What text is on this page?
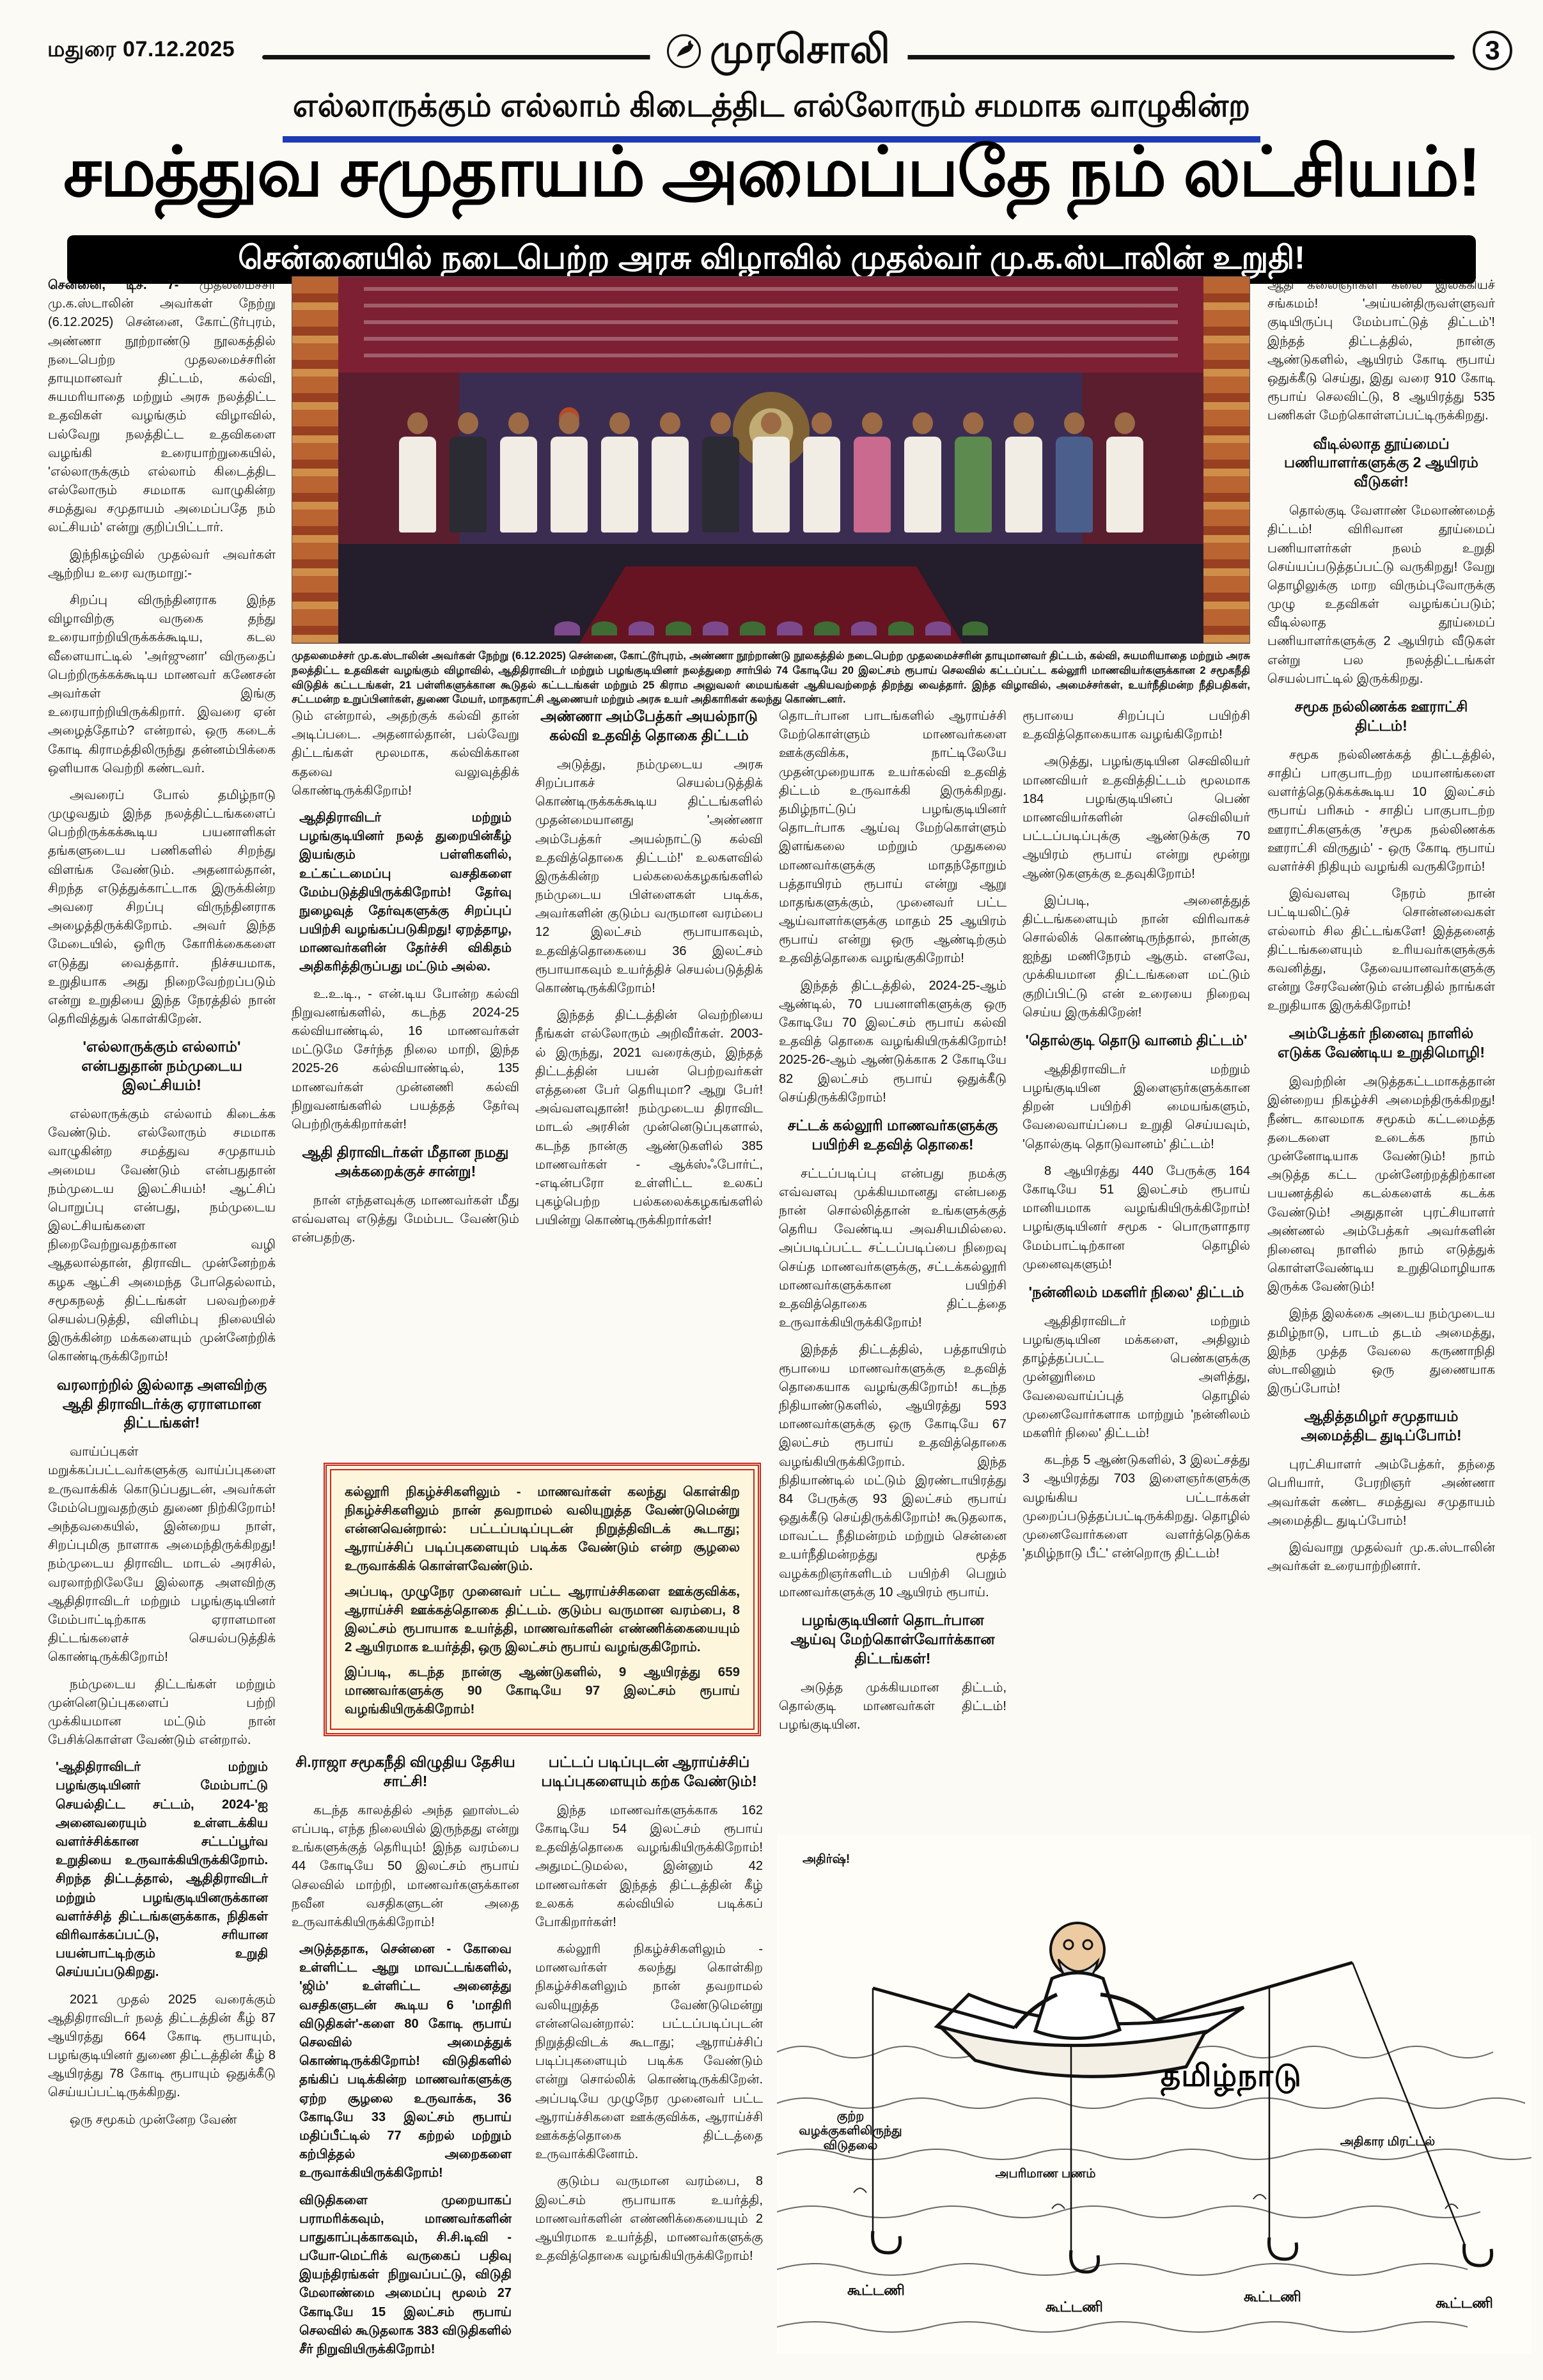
மதுரை 07.12.2025	முரசொலி	3
எல்லாருக்கும் எல்லாம் கிடைத்திட எல்லோரும் சமமாக வாழுகின்ற
சமத்துவ சமுதாயம் அமைப்பதே நம் லட்சியம்!
சென்னையில் நடைபெற்ற அரசு விழாவில் முதல்வர் மு.க.ஸ்டாலின் உறுதி!
முதலமைச்சர் மு.க.ஸ்டாலின் அவர்கள் நேற்று (6.12.2025) சென்னை, கோட்டூர்புரம், அண்ணா நூற்றாண்டு நூலகத்தில் நடைபெற்ற முதலமைச்சரின் தாயுமானவர் திட்டம், கல்வி, சுயமரியாதை மற்றும் அரசு நலத்திட்ட உதவிகள் வழங்கும் விழாவில், ஆதிதிராவிடர் மற்றும் பழங்குடியினர் நலத்துறை சார்பில் 74 கோடியே 20 இலட்சம் ரூபாய் செலவில் கட்டப்பட்ட கல்லூரி மாணவியர்களுக்கான 2 சமூகநீதி விடுதிக் கட்டடங்கள், 21 பள்ளிகளுக்கான கூடுதல் கட்டடங்கள் மற்றும் 25 கிராம அலுவலர் மையங்கள் ஆகியவற்றைத் திறந்து வைத்தார். இந்த விழாவில், அமைச்சர்கள், உயர்நீதிமன்ற நீதிபதிகள், சட்டமன்ற உறுப்பினர்கள், துணை மேயர், மாநகராட்சி ஆணையர் மற்றும் அரசு உயர் அதிகாரிகள் கலந்து கொண்டனர்.

சென்னை, டிச. 7- முதலமைச்சர் மு.க.ஸ்டாலின் அவர்கள் நேற்று (6.12.2025) சென்னை, கோட்டூர்புரம், அண்ணா நூற்றாண்டு நூலகத்தில் நடைபெற்ற முதலமைச்சரின் தாயுமானவர் திட்டம், கல்வி, சுயமரியாதை மற்றும் அரசு நலத்திட்ட உதவிகள் வழங்கும் விழாவில், பல்வேறு நலத்திட்ட உதவிகளை வழங்கி உரையாற்றுகையில், 'எல்லாருக்கும் எல்லாம் கிடைத்திட எல்லோரும் சமமாக வாழுகின்ற சமத்துவ சமுதாயம் அமைப்பதே நம் லட்சியம்' என்று குறிப்பிட்டார்.

இந்நிகழ்வில் முதல்வர் அவர்கள் ஆற்றிய உரை வருமாறு:-

சிறப்பு விருந்தினராக இந்த விழாவிற்கு வருகை தந்து உரையாற்றியிருக்கக்கூடிய, கடல வீளையாட்டில் 'அர்ஜுனா' விருதைப் பெற்றிருக்கக்கூடிய மாணவர் கணேசன் அவர்கள் இங்கு உரையாற்றியிருக்கிறார். இவரை ஏன் அழைத்தோம்? என்றால், ஒரு கடைக் கோடி கிராமத்திலிருந்து தன்னம்பிக்கை ஒளியாக வெற்றி கண்டவர்.

அவரைப் போல் தமிழ்நாடு முழுவதும் இந்த நலத்திட்டங்களைப் பெற்றிருக்கக்கூடிய பயனாளிகள் தங்களுடைய பணிகளில் சிறந்து விளங்க வேண்டும். அதனால்தான், சிறந்த எடுத்துக்காட்டாக இருக்கின்ற அவரை சிறப்பு விருந்தினராக அழைத்திருக்கிறோம். அவர் இந்த மேடையில், ஒரிரு கோரிக்கைகளை எடுத்து வைத்தார். நிச்சயமாக, உறுதியாக அது நிறைவேற்றப்படும் என்று உறுதியை இந்த நேரத்தில் நான் தெரிவித்துக் கொள்கிறேன்.

'எல்லாருக்கும் எல்லாம்' என்பதுதான் நம்முடைய இலட்சியம்!

எல்லாருக்கும் எல்லாம் கிடைக்க வேண்டும். எல்லோரும் சமமாக வாழுகின்ற சமத்துவ சமுதாயம் அமைய வேண்டும் என்பதுதான் நம்முடைய இலட்சியம்! ஆட்சிப் பொறுப்பு என்பது, நம்முடைய இலட்சியங்களை நிறைவேற்றுவதற்கான வழி ஆதலால்தான், திராவிட முன்னேற்றக் கழக ஆட்சி அமைந்த போதெல்லாம், சமூகநலத் திட்டங்கள் பலவற்றைச் செயல்படுத்தி, விளிம்பு நிலையில் இருக்கின்ற மக்களையும் முன்னேற்றிக் கொண்டிருக்கிறோம்!

வரலாற்றில் இல்லாத அளவிற்கு ஆதி திராவிடர்க்கு ஏராளமான திட்டங்கள்!

வாய்ப்புகள் மறுக்கப்பட்டவர்களுக்கு வாய்ப்புகளை உருவாக்கிக் கொடுப்பதுடன், அவர்கள் மேம்பெறுவதற்கும் துணை நிற்கிறோம்! அந்தவகையில், இன்றைய நாள், சிறப்புமிகு நாளாக அமைந்திருக்கிறது! நம்முடைய திராவிட மாடல் அரசில், வரலாற்றிலேயே இல்லாத அளவிற்கு ஆதிதிராவிடர் மற்றும் பழங்குடியினர் மேம்பாட்டிற்காக ஏராளமான திட்டங்களைச் செயல்படுத்திக் கொண்டிருக்கிறோம்!

நம்முடைய திட்டங்கள் மற்றும் முன்னெடுப்புகளைப் பற்றி முக்கியமான மட்டும் நான் பேசிக்கொள்ள வேண்டும் என்றால்.

'ஆதிதிராவிடர் மற்றும் பழங்குடியினர் மேம்பாட்டு செயல்திட்ட சட்டம், 2024-'ஐ அனைவரையும் உள்ளடக்கிய வளர்ச்சிக்கான சட்டப்பூர்வ உறுதியை உருவாக்கியிருக்கிறோம். சிறந்த திட்டத்தால், ஆதிதிராவிடர் மற்றும் பழங்குடியினருக்கான வளர்ச்சித் திட்டங்களுக்காக, நிதிகள் விரிவாக்கப்பட்டு, சரியான பயன்பாட்டிற்கும் உறுதி செய்யப்படுகிறது.

2021 முதல் 2025 வரைக்கும் ஆதிதிராவிடர் நலத் திட்டத்தின் கீழ் 87 ஆயிரத்து 664 கோடி ரூபாயும், பழங்குடியினர் துணை திட்டத்தின் கீழ் 8 ஆயிரத்து 78 கோடி ரூபாயும் ஒதுக்கீடு செய்யப்பட்டிருக்கிறது.

ஒரு சமூகம் முன்னேற வேண்

டும் என்றால், அதற்குக் கல்வி தான் அடிப்படை. அதனால்தான், பல்வேறு திட்டங்கள் மூலமாக, கல்விக்கான கதவை வலுவுத்திக் கொண்டிருக்கிறோம்!

ஆதிதிராவிடர் மற்றும் பழங்குடியினர் நலத் துறையின்கீழ் இயங்கும் பள்ளிகளில், உட்கட்டமைப்பு வசதிகளை மேம்படுத்தியிருக்கிறோம்! தேர்வு நுழைவுத் தேர்வுகளுக்கு சிறப்புப் பயிற்சி வழங்கப்படுகிறது! ஏறத்தாழ, மாணவர்களின் தேர்ச்சி விகிதம் அதிகரித்திருப்பது மட்டும் அல்ல.

உ.உ.டி., - என்.டிய போன்ற கல்வி நிறுவனங்களில், கடந்த 2024-25 கல்வியாண்டில், 16 மாணவர்கள் மட்டுமே சேர்ந்த நிலை மாறி, இந்த 2025-26 கல்வியாண்டில், 135 மாணவர்கள் முன்னணி கல்வி நிறுவனங்களில் பயத்தத் தேர்வு பெற்றிருக்கிறார்கள்!

ஆதி திராவிடர்கள் மீதான நமது அக்கறைக்குச் சான்று!

நான் எந்தளவுக்கு மாணவர்கள் மீது எவ்வளவு எடுத்து மேம்பட வேண்டும் என்பதற்கு.

அண்ணா அம்பேத்கர் அயல்நாடு கல்வி உதவித் தொகை திட்டம்

அடுத்து, நம்முடைய அரசு சிறப்பாகச் செயல்படுத்திக் கொண்டிருக்கக்கூடிய திட்டங்களில் முதன்மையானது 'அண்ணா அம்பேத்கர் அயல்நாட்டு கல்வி உதவித்தொகை திட்டம்!' உலகளவில் இருக்கின்ற பல்கலைக்கழகங்களில் நம்முடைய பிள்ளைகள் படிக்க, அவர்களின் குடும்ப வருமான வரம்பை 12 இலட்சம் ரூபாயாகவும், உதவித்தொகையை 36 இலட்சம் ரூபாயாகவும் உயர்த்திச் செயல்படுத்திக் கொண்டிருக்கிறோம்!

இந்தத் திட்டத்தின் வெற்றியை நீங்கள் எல்லோரும் அறிவீர்கள். 2003-ல் இருந்து, 2021 வரைக்கும், இந்தத் திட்டத்தின் பயன் பெற்றவர்கள் எத்தனை பேர் தெரியுமா? ஆறு பேர்! அவ்வளவுதான்! நம்முடைய திராவிட மாடல் அரசின் முன்னெடுப்புகளால், கடந்த நான்கு ஆண்டுகளில் 385 மாணவர்கள் - ஆக்ஸ்ஃபோர்ட், -எடின்பரோ உள்ளிட்ட உலகப் புகழ்பெற்ற பல்கலைக்கழகங்களில் பயின்று கொண்டிருக்கிறார்கள்!

கல்லூரி நிகழ்ச்சிகளிலும் - மாணவர்கள் கலந்து கொள்கிற நிகழ்ச்சிகளிலும் நான் தவறாமல் வலியுறுத்த வேண்டுமென்று என்னவென்றால்: பட்டப்படிப்புடன் நிறுத்திவிடக் கூடாது; ஆராய்ச்சிப் படிப்புகளையும் படிக்க வேண்டும் என்ற சூழலை உருவாக்கிக் கொள்ளவேண்டும்.

அப்படி, முழுநேர முனைவர் பட்ட ஆராய்ச்சிகளை ஊக்குவிக்க, ஆராய்ச்சி ஊக்கத்தொகை திட்டம். குடும்ப வருமான வரம்பை, 8 இலட்சம் ரூபாயாக உயர்த்தி, மாணவர்களின் எண்ணிக்கையையும் 2 ஆயிரமாக உயர்த்தி, ஒரு இலட்சம் ரூபாய் வழங்குகிறோம்.

இப்படி, கடந்த நான்கு ஆண்டுகளில், 9 ஆயிரத்து 659 மாணவர்களுக்கு 90 கோடியே 97 இலட்சம் ரூபாய் வழங்கியிருக்கிறோம்!

சி.ராஜா சமூகநீதி விழுதிய தேசிய சாட்சி!

கடந்த காலத்தில் அந்த ஹாஸ்டல் எப்படி, எந்த நிலையில் இருந்தது என்று உங்களுக்குத் தெரியும்! இந்த வரம்பை 44 கோடியே 50 இலட்சம் ரூபாய் செலவில் மாற்றி, மாணவர்களுக்கான நவீன வசதிகளுடன் அதை உருவாக்கியிருக்கிறோம்!

அடுத்ததாக, சென்னை - கோவை உள்ளிட்ட ஆறு மாவட்டங்களில், 'ஜிம்' உள்ளிட்ட அனைத்து வசதிகளுடன் கூடிய 6 'மாதிரி விடுதிகள்'-களை 80 கோடி ரூபாய் செலவில் அமைத்துக் கொண்டிருக்கிறோம்! விடுதிகளில் தங்கிப் படிக்கின்ற மாணவர்களுக்கு ஏற்ற சூழலை உருவாக்க, 36 கோடியே 33 இலட்சம் ரூபாய் மதிப்பீட்டில் 77 கற்றல் மற்றும் கற்பித்தல் அறைகளை உருவாக்கியிருக்கிறோம்!

விடுதிகளை முறையாகப் பராமரிக்கவும், மாணவர்களின் பாதுகாப்புக்காகவும், சி.சி.டிவி - பயோ-மெட்ரிக் வருகைப் பதிவு இயந்திரங்கள் நிறுவப்பட்டு, விடுதி மேலாண்மை அமைப்பு மூலம் 27 கோடியே 15 இலட்சம் ரூபாய் செலவில் கூடுதலாக 383 விடுதிகளில் சீர் நிறுவியிருக்கிறோம்!

பட்டப் படிப்புடன் ஆராய்ச்சிப் படிப்புகளையும் கற்க வேண்டும்!

இந்த மாணவர்களுக்காக 162 கோடியே 54 இலட்சம் ரூபாய் உதவித்தொகை வழங்கியிருக்கிறோம்! அதுமட்டுமல்ல, இன்னும் 42 மாணவர்கள் இந்தத் திட்டத்தின் கீழ் உலகக் கல்வியில் படிக்கப் போகிறார்கள்!

கல்லூரி நிகழ்ச்சிகளிலும் - மாணவர்கள் கலந்து கொள்கிற நிகழ்ச்சிகளிலும் நான் தவறாமல் வலியுறுத்த வேண்டுமென்று என்னவென்றால்: பட்டப்படிப்புடன் நிறுத்திவிடக் கூடாது; ஆராய்ச்சிப் படிப்புகளையும் படிக்க வேண்டும் என்று சொல்லிக் கொண்டிருக்கிறேன். அப்படியே முழுநேர முனைவர் பட்ட ஆராய்ச்சிகளை ஊக்குவிக்க, ஆராய்ச்சி ஊக்கத்தொகை திட்டத்தை உருவாக்கினோம்.

குடும்ப வருமான வரம்பை, 8 இலட்சம் ரூபாயாக உயர்த்தி, மாணவர்களின் எண்ணிக்கையையும் 2 ஆயிரமாக உயர்த்தி, மாணவர்களுக்கு உதவித்தொகை வழங்கியிருக்கிறோம்!

தொடர்பான பாடங்களில் ஆராய்ச்சி மேற்கொள்ளும் மாணவர்களை ஊக்குவிக்க, நாட்டிலேயே முதன்முறையாக உயர்கல்வி உதவித் திட்டம் உருவாக்கி இருக்கிறது. தமிழ்நாட்டுப் பழங்குடியினர் தொடர்பாக ஆய்வு மேற்கொள்ளும் இளங்கலை மற்றும் முதுகலை மாணவர்களுக்கு மாதந்தோறும் பத்தாயிரம் ரூபாய் என்று ஆறு மாதங்களுக்கும், முனைவர் பட்ட ஆய்வாளர்களுக்கு மாதம் 25 ஆயிரம் ரூபாய் என்று ஒரு ஆண்டிற்கும் உதவித்தொகை வழங்குகிறோம்!

இந்தத் திட்டத்தில், 2024-25-ஆம் ஆண்டில், 70 பயனாளிகளுக்கு ஒரு கோடியே 70 இலட்சம் ரூபாய் கல்வி உதவித் தொகை வழங்கியிருக்கிறோம்! 2025-26-ஆம் ஆண்டுக்காக 2 கோடியே 82 இலட்சம் ரூபாய் ஒதுக்கீடு செய்திருக்கிறோம்!

சட்டக் கல்லூரி மாணவர்களுக்கு பயிற்சி உதவித் தொகை!

சட்டப்படிப்பு என்பது நமக்கு எவ்வளவு முக்கியமானது என்பதை நான் சொல்லித்தான் உங்களுக்குத் தெரிய வேண்டிய அவசியமில்லை. அப்படிப்பட்ட சட்டப்படிப்பை நிறைவு செய்த மாணவர்களுக்கு, சட்டக்கல்லூரி மாணவர்களுக்கான பயிற்சி உதவித்தொகை திட்டத்தை உருவாக்கியிருக்கிறோம்!

இந்தத் திட்டத்தில், பத்தாயிரம் ரூபாயை மாணவர்களுக்கு உதவித் தொகையாக வழங்குகிறோம்! கடந்த நிதியாண்டுகளில், ஆயிரத்து 593 மாணவர்களுக்கு ஒரு கோடியே 67 இலட்சம் ரூபாய் உதவித்தொகை வழங்கியிருக்கிறோம். இந்த நிதியாண்டில் மட்டும் இரண்டாயிரத்து 84 பேருக்கு 93 இலட்சம் ரூபாய் ஒதுக்கீடு செய்திருக்கிறோம்! கூடுதலாக, மாவட்ட நீதிமன்றம் மற்றும் சென்னை உயர்நீதிமன்றத்து மூத்த வழக்கறிஞர்களிடம் பயிற்சி பெறும் மாணவர்களுக்கு 10 ஆயிரம் ரூபாய்.

பழங்குடியினர் தொடர்பான ஆய்வு மேற்கொள்வோர்க்கான திட்டங்கள்!

அடுத்த முக்கியமான திட்டம், தொல்குடி மாணவர்கள் திட்டம்! பழங்குடியின.

ரூபாயை சிறப்புப் பயிற்சி உதவித்தொகையாக வழங்கிறோம்!

அடுத்து, பழங்குடியின செவிலியர் மாணவியர் உதவித்திட்டம் மூலமாக 184 பழங்குடியினப் பெண் மாணவியர்களின் செவிலியர் பட்டப்படிப்புக்கு ஆண்டுக்கு 70 ஆயிரம் ரூபாய் என்று மூன்று ஆண்டுகளுக்கு உதவுகிறோம்!

இப்படி, அனைத்துத் திட்டங்களையும் நான் விரிவாகச் சொல்லிக் கொண்டிருந்தால், நான்கு ஐந்து மணிநேரம் ஆகும். எனவே, முக்கியமான திட்டங்களை மட்டும் குறிப்பிட்டு என் உரையை நிறைவு செய்ய இருக்கிறேன்!

'தொல்குடி தொடு வானம் திட்டம்'

ஆதிதிராவிடர் மற்றும் பழங்குடியின இளைஞர்களுக்கான திறன் பயிற்சி மையங்களும், வேலைவாய்ப்பை உறுதி செய்யவும், 'தொல்குடி தொடுவானம்' திட்டம்!

8 ஆயிரத்து 440 பேருக்கு 164 கோடியே 51 இலட்சம் ரூபாய் மானியமாக வழங்கியிருக்கிறோம்! பழங்குடியினர் சமூக - பொருளாதார மேம்பாட்டிற்கான தொழில் முனைவுகளும்!

'நன்னிலம் மகளிர் நிலை' திட்டம்

ஆதிதிராவிடர் மற்றும் பழங்குடியின மக்களை, அதிலும் தாழ்த்தப்பட்ட பெண்களுக்கு முன்னுரிமை அளித்து, வேலைவாய்ப்புத் தொழில் முனைவோர்களாக மாற்றும் 'நன்னிலம் மகளிர் நிலை' திட்டம்!

கடந்த 5 ஆண்டுகளில், 3 இலட்சத்து 3 ஆயிரத்து 703 இளைஞர்களுக்கு வழங்கிய பட்டாக்கள் முறைப்படுத்தப்பட்டிருக்கிறது. தொழில் முனைவோர்களை வளர்த்தெடுக்க 'தமிழ்நாடு பீட்' என்றொரு திட்டம்!

ஆதி கலைஞர்கள் கலை இலக்கியச் சங்கமம்! 'அய்யன்திருவள்ளுவர் குடியிருப்பு மேம்பாட்டுத் திட்டம்'! இந்தத் திட்டத்தில், நான்கு ஆண்டுகளில், ஆயிரம் கோடி ரூபாய் ஒதுக்கீடு செய்து, இது வரை 910 கோடி ரூபாய் செலவிட்டு, 8 ஆயிரத்து 535 பணிகள் மேற்கொள்ளப்பட்டிருக்கிறது.

வீடில்லாத தூய்மைப் பணியாளர்களுக்கு 2 ஆயிரம் வீடுகள்!

தொல்குடி வேளாண் மேலாண்மைத் திட்டம்! விரிவான தூய்மைப் பணியாளர்கள் நலம் உறுதி செய்யப்படுத்தப்பட்டு வருகிறது! வேறு தொழிலுக்கு மாற விரும்புவோருக்கு முழு உதவிகள் வழங்கப்படும்; வீடில்லாத தூய்மைப் பணியாளர்களுக்கு 2 ஆயிரம் வீடுகள் என்று பல நலத்திட்டங்கள் செயல்பாட்டில் இருக்கிறது.

சமூக நல்லிணக்க ஊராட்சி திட்டம்!

சமூக நல்லிணக்கத் திட்டத்தில், சாதிப் பாகுபாடற்ற மயானங்களை வளர்த்தெடுக்கக்கூடிய 10 இலட்சம் ரூபாய் பரிசும் - சாதிப் பாகுபாடற்ற ஊராட்சிகளுக்கு 'சமூக நல்லிணக்க ஊராட்சி விருதும்' - ஒரு கோடி ரூபாய் வளர்ச்சி நிதியும் வழங்கி வருகிறோம்!

இவ்வளவு நேரம் நான் பட்டியலிட்டுச் சொன்னவைகள் எல்லாம் சில திட்டங்களே! இத்தனைத் திட்டங்களையும் உரியவர்களுக்குக் கவனித்து, தேவையானவர்களுக்கு என்று சேரவேண்டும் என்பதில் நாங்கள் உறுதியாக இருக்கிறோம்!

அம்பேத்கர் நினைவு நாளில் எடுக்க வேண்டிய உறுதிமொழி!

இவற்றின் அடுத்தகட்டமாகத்தான் இன்றைய நிகழ்ச்சி அமைந்திருக்கிறது! நீண்ட காலமாக சமூகம் கட்டமைத்த தடைகளை உடைக்க நாம் முன்னோடியாக வேண்டும்! நாம் அடுத்த கட்ட முன்னேற்றத்திற்கான பயணத்தில் கடல்களைக் கடக்க வேண்டும்! அதுதான் புரட்சியாளர் அண்ணல் அம்பேத்கர் அவர்களின் நினைவு நாளில் நாம் எடுத்துக் கொள்ளவேண்டிய உறுதிமொழியாக இருக்க வேண்டும்!

இந்த இலக்கை அடைய நம்முடைய தமிழ்நாடு, பாடம் தடம் அமைத்து, இந்த முத்த வேலை கருணாநிதி ஸ்டாலினும் ஒரு துணையாக இருப்போம்!

ஆதித்தமிழர் சமுதாயம் அமைத்திட துடிப்போம்!

புரட்சியாளர் அம்பேத்கர், தந்தை பெரியார், பேரறிஞர் அண்ணா அவர்கள் கண்ட சமத்துவ சமுதாயம் அமைத்திட துடிப்போம்!

இவ்வாறு முதல்வர் மு.க.ஸ்டாலின் அவர்கள் உரையாற்றினார்.

அதிர்ஷ்!
தமிழ்நாடு
குற்ற வழக்குகளிலிருந்து விடுதலை
அபரிமாண பணம்
அதிகார மிரட்டல்
கூட்டணி
கூட்டணி
கூட்டணி	கூட்டணி
